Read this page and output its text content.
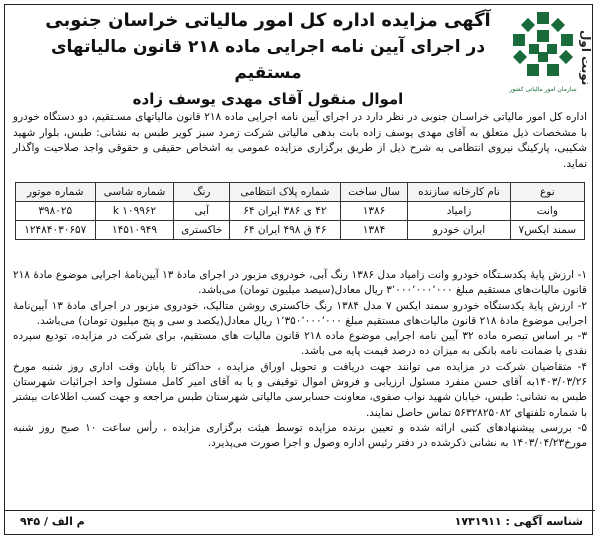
نوبت اول
سازمان امور مالیاتی کشور
آگهی مزایده اداره کل امور مالیاتی خراسان جنوبی
در اجرای آیین نامه اجرایی ماده ۲۱۸ قانون مالیاتهای مستقیم
اموال منقول آقای مهدی یوسف زاده
اداره کل امور مالیاتی خراسـان جنوبی در نظر دارد در اجرای آیین نامه اجرایی ماده ۲۱۸ قانون مالیاتهای مسـتقیم، دو دستگاه خودرو با مشخصات ذیل متعلق به آقای مهدی یوسف زاده بابت بدهی مالیاتی شرکت زمرد سبز کویر طبس به نشانی: طبس، بلوار شهید شکیبی، پارکینگ نیروی انتظامی به شرح ذیل از طریق برگزاری مزایده عمومی به اشخاص حقیقی و حقوقی واجد صلاحیت واگذار نماید.
نوع	نام کارخانه سازنده	سال ساخت	شماره پلاک انتظامی	رنگ	شماره شاسی	شماره موتور
وانت	زامیاد	۱۳۸۶	۴۲ ی ۳۸۶ ایران ۶۴	آبی	k ۱۰۹۹۶۲	۳۹۸۰۲۵
سمند ایکس۷	ایران خودرو	۱۳۸۴	۴۶ ق ۴۹۸ ایران ۶۴	خاکستری	۱۴۵۱۰۹۴۹	۱۲۴۸۴۰۳۰۶۵۷

۱- ارزش پایهٔ یکدسـتگاه خودرو وانت زامیاد مدل ۱۳۸۶ رنگ آبی، خودروی مزبور در اجرای مادهٔ ۱۳ آیین‌نامهٔ اجرایی موضوع مادهٔ ۲۱۸ قانون مالیات‌های مستقیم مبلغ ۳٬۰۰۰٬۰۰۰٬۰۰۰ ریال معادل(سیصد میلیون تومان) می‌باشد.

۲- ارزش پایهٔ یکدستگاه خودرو سمند ایکس ۷ مدل ۱۳۸۴ رنگ خاکستری روشن متالیک، خودروی مزبور در اجرای مادهٔ ۱۳ آیین‌نامهٔ اجرایی موضوع مادهٔ ۲۱۸ قانون مالیات‌های مستقیم مبلغ ۱٬۳۵۰٬۰۰۰٬۰۰۰ ریال معادل(یکصد و سی و پنج میلیون تومان) می‌باشد.

۳- بر اساس تبصره ماده ۳۲ آیین نامه اجرایی موضوع ماده ۲۱۸ قانون مالیات های مستقیم، برای شرکت در مزایده، تودیع سپرده نقدی یا ضمانت نامه بانکی به میزان ده درصد قیمت پایه می باشد.

۴- متقاضیان شرکت در مزایده می توانند جهت دریافت و تحویل اوراق مزایده ، حداکثر تا پایان وقت اداری روز شنبه مورخ ۱۴۰۳/۰۳/۲۶به آقای حسن منفرد مسئول ارزیابی و فروش اموال توقیفی و یا به آقای امیر کامل مسئول واحد اجرائیات شهرستان طبس به نشانی: طبس، خیابان شهید نواب صفوی، معاونت حسابرسی مالیاتی شهرستان طبس مراجعه و جهت کسب اطلاعات بیشتر با شماره تلفنهای ۵۶۳۲۸۲۵۰۸۲ تماس حاصل نمایند.

۵- بررسی پیشنهادهای کتبی ارائه شده و تعیین برنده مزایده توسط هیئت برگزاری مزایده ، رأس ساعت ۱۰ صبح روز شنبه مورخ۱۴۰۳/۰۴/۲۳ به نشانی ذکرشده در دفتر رئیس اداره وصول و اجرا صورت می‌پذیرد.

شناسه آگهی : ۱۷۳۱۹۱۱
م الف / ۹۴۵
